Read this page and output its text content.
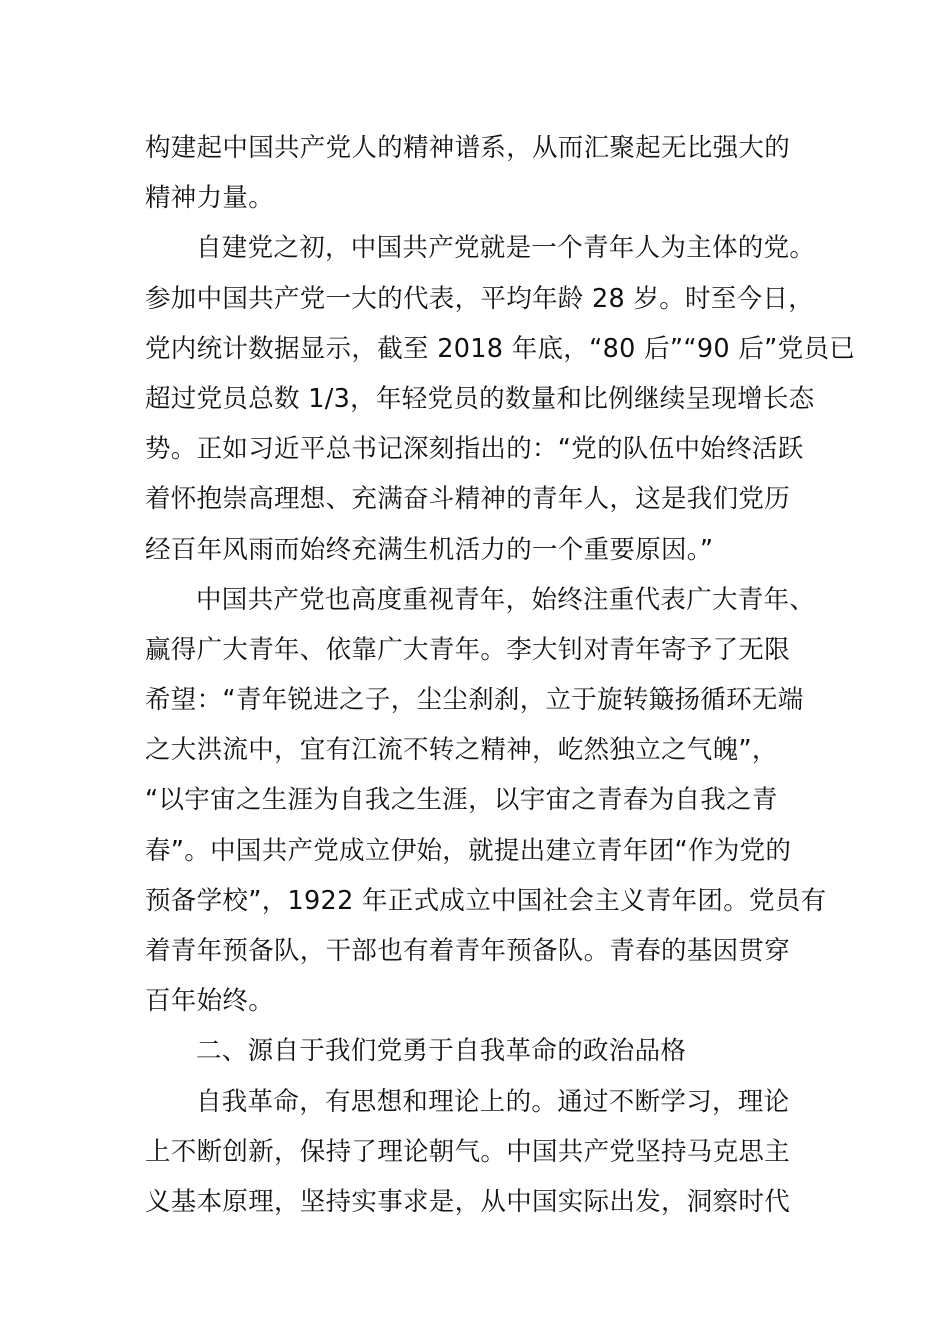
构建起中国共产党人的精神谱系，从而汇聚起无比强大的
精神力量。

自建党之初，中国共产党就是一个青年人为主体的党。
参加中国共产党一大的代表，平均年龄 28 岁。时至今日，
党内统计数据显示，截至 2018 年底，“80 后”“90 后”党员已
超过党员总数 1/3，年轻党员的数量和比例继续呈现增长态
势。正如习近平总书记深刻指出的：“党的队伍中始终活跃
着怀抱崇高理想、充满奋斗精神的青年人，这是我们党历
经百年风雨而始终充满生机活力的一个重要原因。”

中国共产党也高度重视青年，始终注重代表广大青年、
赢得广大青年、依靠广大青年。李大钊对青年寄予了无限
希望：“青年锐进之子，尘尘刹刹，立于旋转簸扬循环无端
之大洪流中，宜有江流不转之精神，屹然独立之气魄”，
“以宇宙之生涯为自我之生涯，以宇宙之青春为自我之青
春”。中国共产党成立伊始，就提出建立青年团“作为党的
预备学校”，1922 年正式成立中国社会主义青年团。党员有
着青年预备队，干部也有着青年预备队。青春的基因贯穿
百年始终。

二、源自于我们党勇于自我革命的政治品格

自我革命，有思想和理论上的。通过不断学习，理论
上不断创新，保持了理论朝气。中国共产党坚持马克思主
义基本原理，坚持实事求是，从中国实际出发，洞察时代
